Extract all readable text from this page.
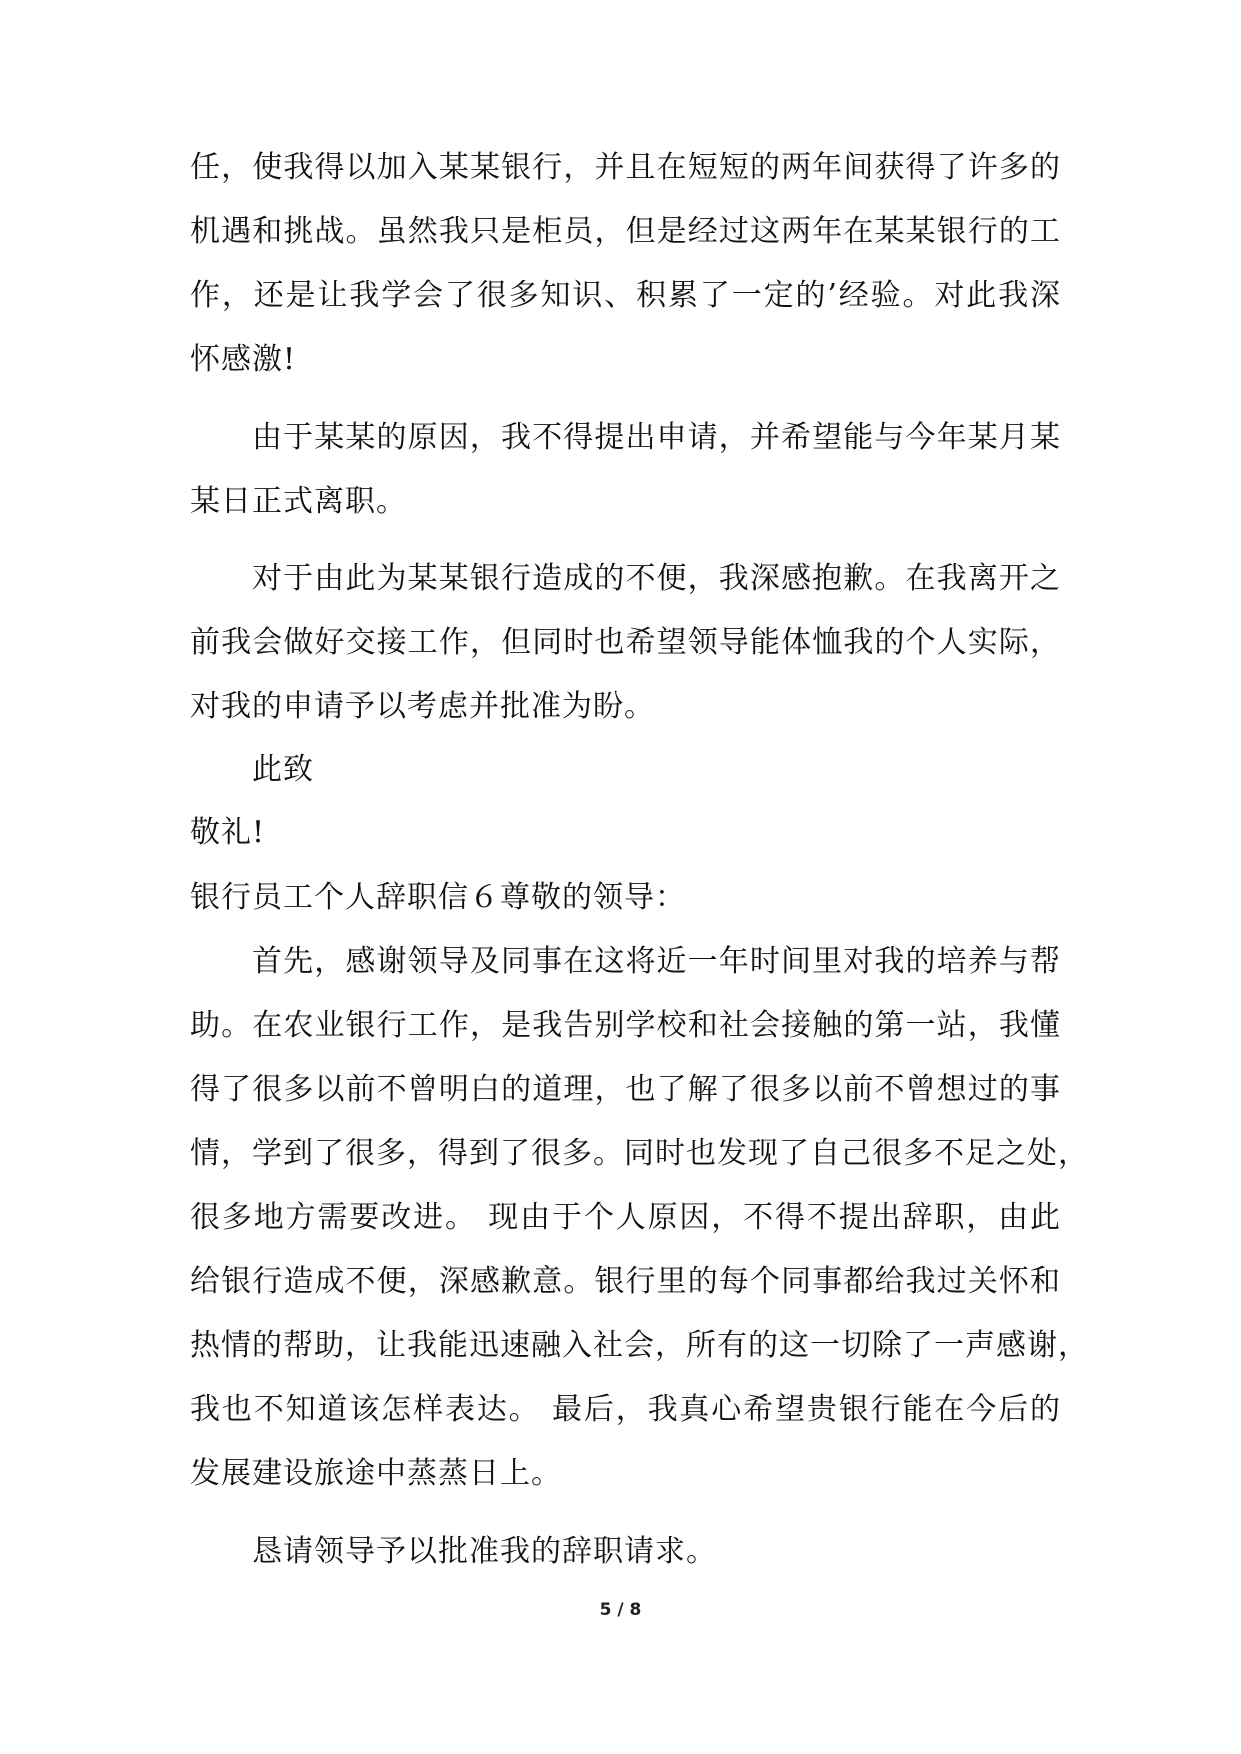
任，使我得以加入某某银行，并且在短短的两年间获得了许多的
机遇和挑战。虽然我只是柜员，但是经过这两年在某某银行的工
作，还是让我学会了很多知识、积累了一定的’经验。对此我深
怀感激!
由于某某的原因，我不得提出申请，并希望能与今年某月某
某日正式离职。
对于由此为某某银行造成的不便，我深感抱歉。在我离开之
前我会做好交接工作，但同时也希望领导能体恤我的个人实际，
对我的申请予以考虑并批准为盼。
此致
敬礼!
银行员工个人辞职信６尊敬的领导：
首先，感谢领导及同事在这将近一年时间里对我的培养与帮
助。在农业银行工作，是我告别学校和社会接触的第一站，我懂
得了很多以前不曾明白的道理，也了解了很多以前不曾想过的事
情，学到了很多，得到了很多。同时也发现了自己很多不足之处，
很多地方需要改进。 现由于个人原因，不得不提出辞职，由此
给银行造成不便，深感歉意。银行里的每个同事都给我过关怀和
热情的帮助，让我能迅速融入社会，所有的这一切除了一声感谢，
我也不知道该怎样表达。 最后，我真心希望贵银行能在今后的
发展建设旅途中蒸蒸日上。
恳请领导予以批准我的辞职请求。
5 / 8
